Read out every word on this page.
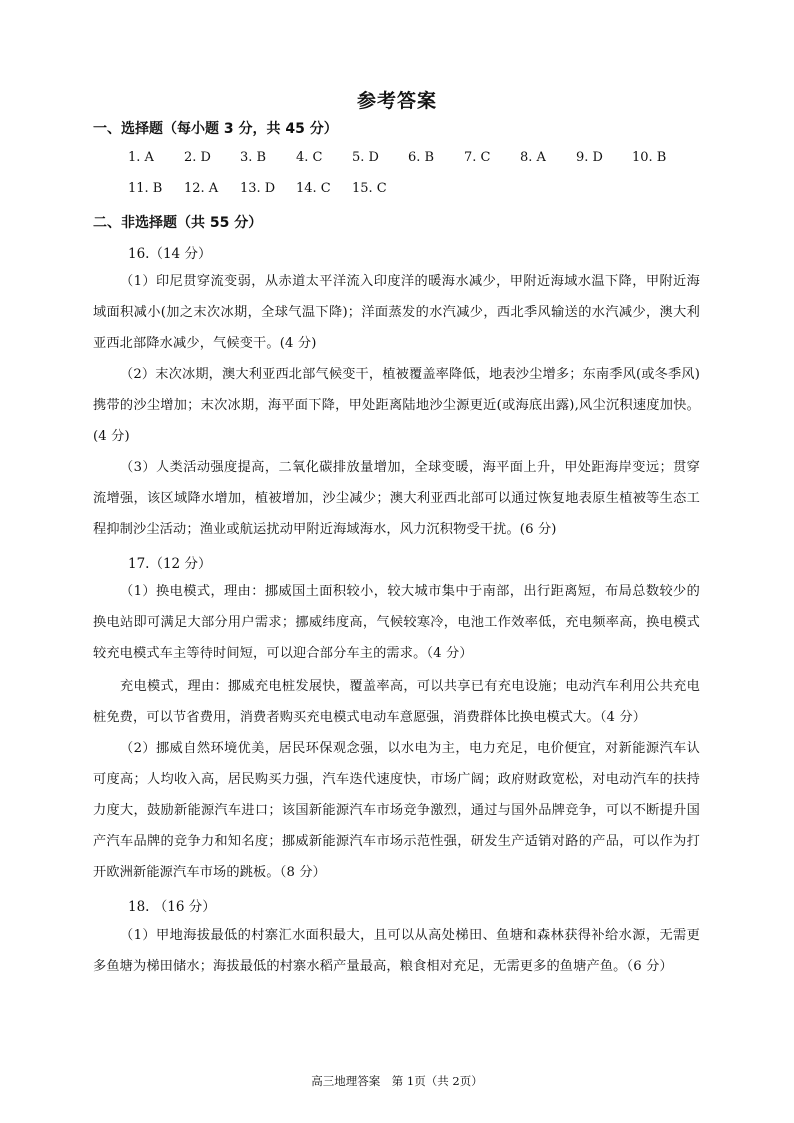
参考答案
一、选择题（每小题 3 分，共 45 分）
1. A 2. D 3. B 4. C 5. D 6. B 7. C 8. A 9. D 10. B
11. B 12. A 13. D 14. C 15. C
二、非选择题（共 55 分）
16.（14 分）
（1）印尼贯穿流变弱，从赤道太平洋流入印度洋的暖海水减少，甲附近海域水温下降，甲附近海域面积减小(加之末次冰期，全球气温下降)；洋面蒸发的水汽减少，西北季风输送的水汽减少，澳大利亚西北部降水减少，气候变干。(4 分)
（2）末次冰期，澳大利亚西北部气候变干，植被覆盖率降低，地表沙尘增多；东南季风(或冬季风)携带的沙尘增加；末次冰期，海平面下降，甲处距离陆地沙尘源更近(或海底出露),风尘沉积速度加快。(4 分)
（3）人类活动强度提高，二氧化碳排放量增加，全球变暖，海平面上升，甲处距海岸变远；贯穿流增强，该区域降水增加，植被增加，沙尘减少；澳大利亚西北部可以通过恢复地表原生植被等生态工程抑制沙尘活动；渔业或航运扰动甲附近海域海水，风力沉积物受干扰。(6 分)
17.（12 分）
（1）换电模式，理由：挪威国土面积较小，较大城市集中于南部，出行距离短，布局总数较少的换电站即可满足大部分用户需求；挪威纬度高，气候较寒冷，电池工作效率低，充电频率高，换电模式较充电模式车主等待时间短，可以迎合部分车主的需求。（4 分）
充电模式，理由：挪威充电桩发展快，覆盖率高，可以共享已有充电设施；电动汽车利用公共充电桩免费，可以节省费用，消费者购买充电模式电动车意愿强，消费群体比换电模式大。（4 分）
（2）挪威自然环境优美，居民环保观念强，以水电为主，电力充足，电价便宜，对新能源汽车认可度高；人均收入高，居民购买力强，汽车迭代速度快，市场广阔；政府财政宽松，对电动汽车的扶持力度大，鼓励新能源汽车进口；该国新能源汽车市场竞争激烈，通过与国外品牌竞争，可以不断提升国产汽车品牌的竞争力和知名度；挪威新能源汽车市场示范性强，研发生产适销对路的产品，可以作为打开欧洲新能源汽车市场的跳板。（8 分）
18. （16 分）
（1）甲地海拔最低的村寨汇水面积最大，且可以从高处梯田、鱼塘和森林获得补给水源，无需更多鱼塘为梯田储水；海拔最低的村寨水稻产量最高，粮食相对充足，无需更多的鱼塘产鱼。（6 分）
高三地理答案　第 1页（共 2页）
